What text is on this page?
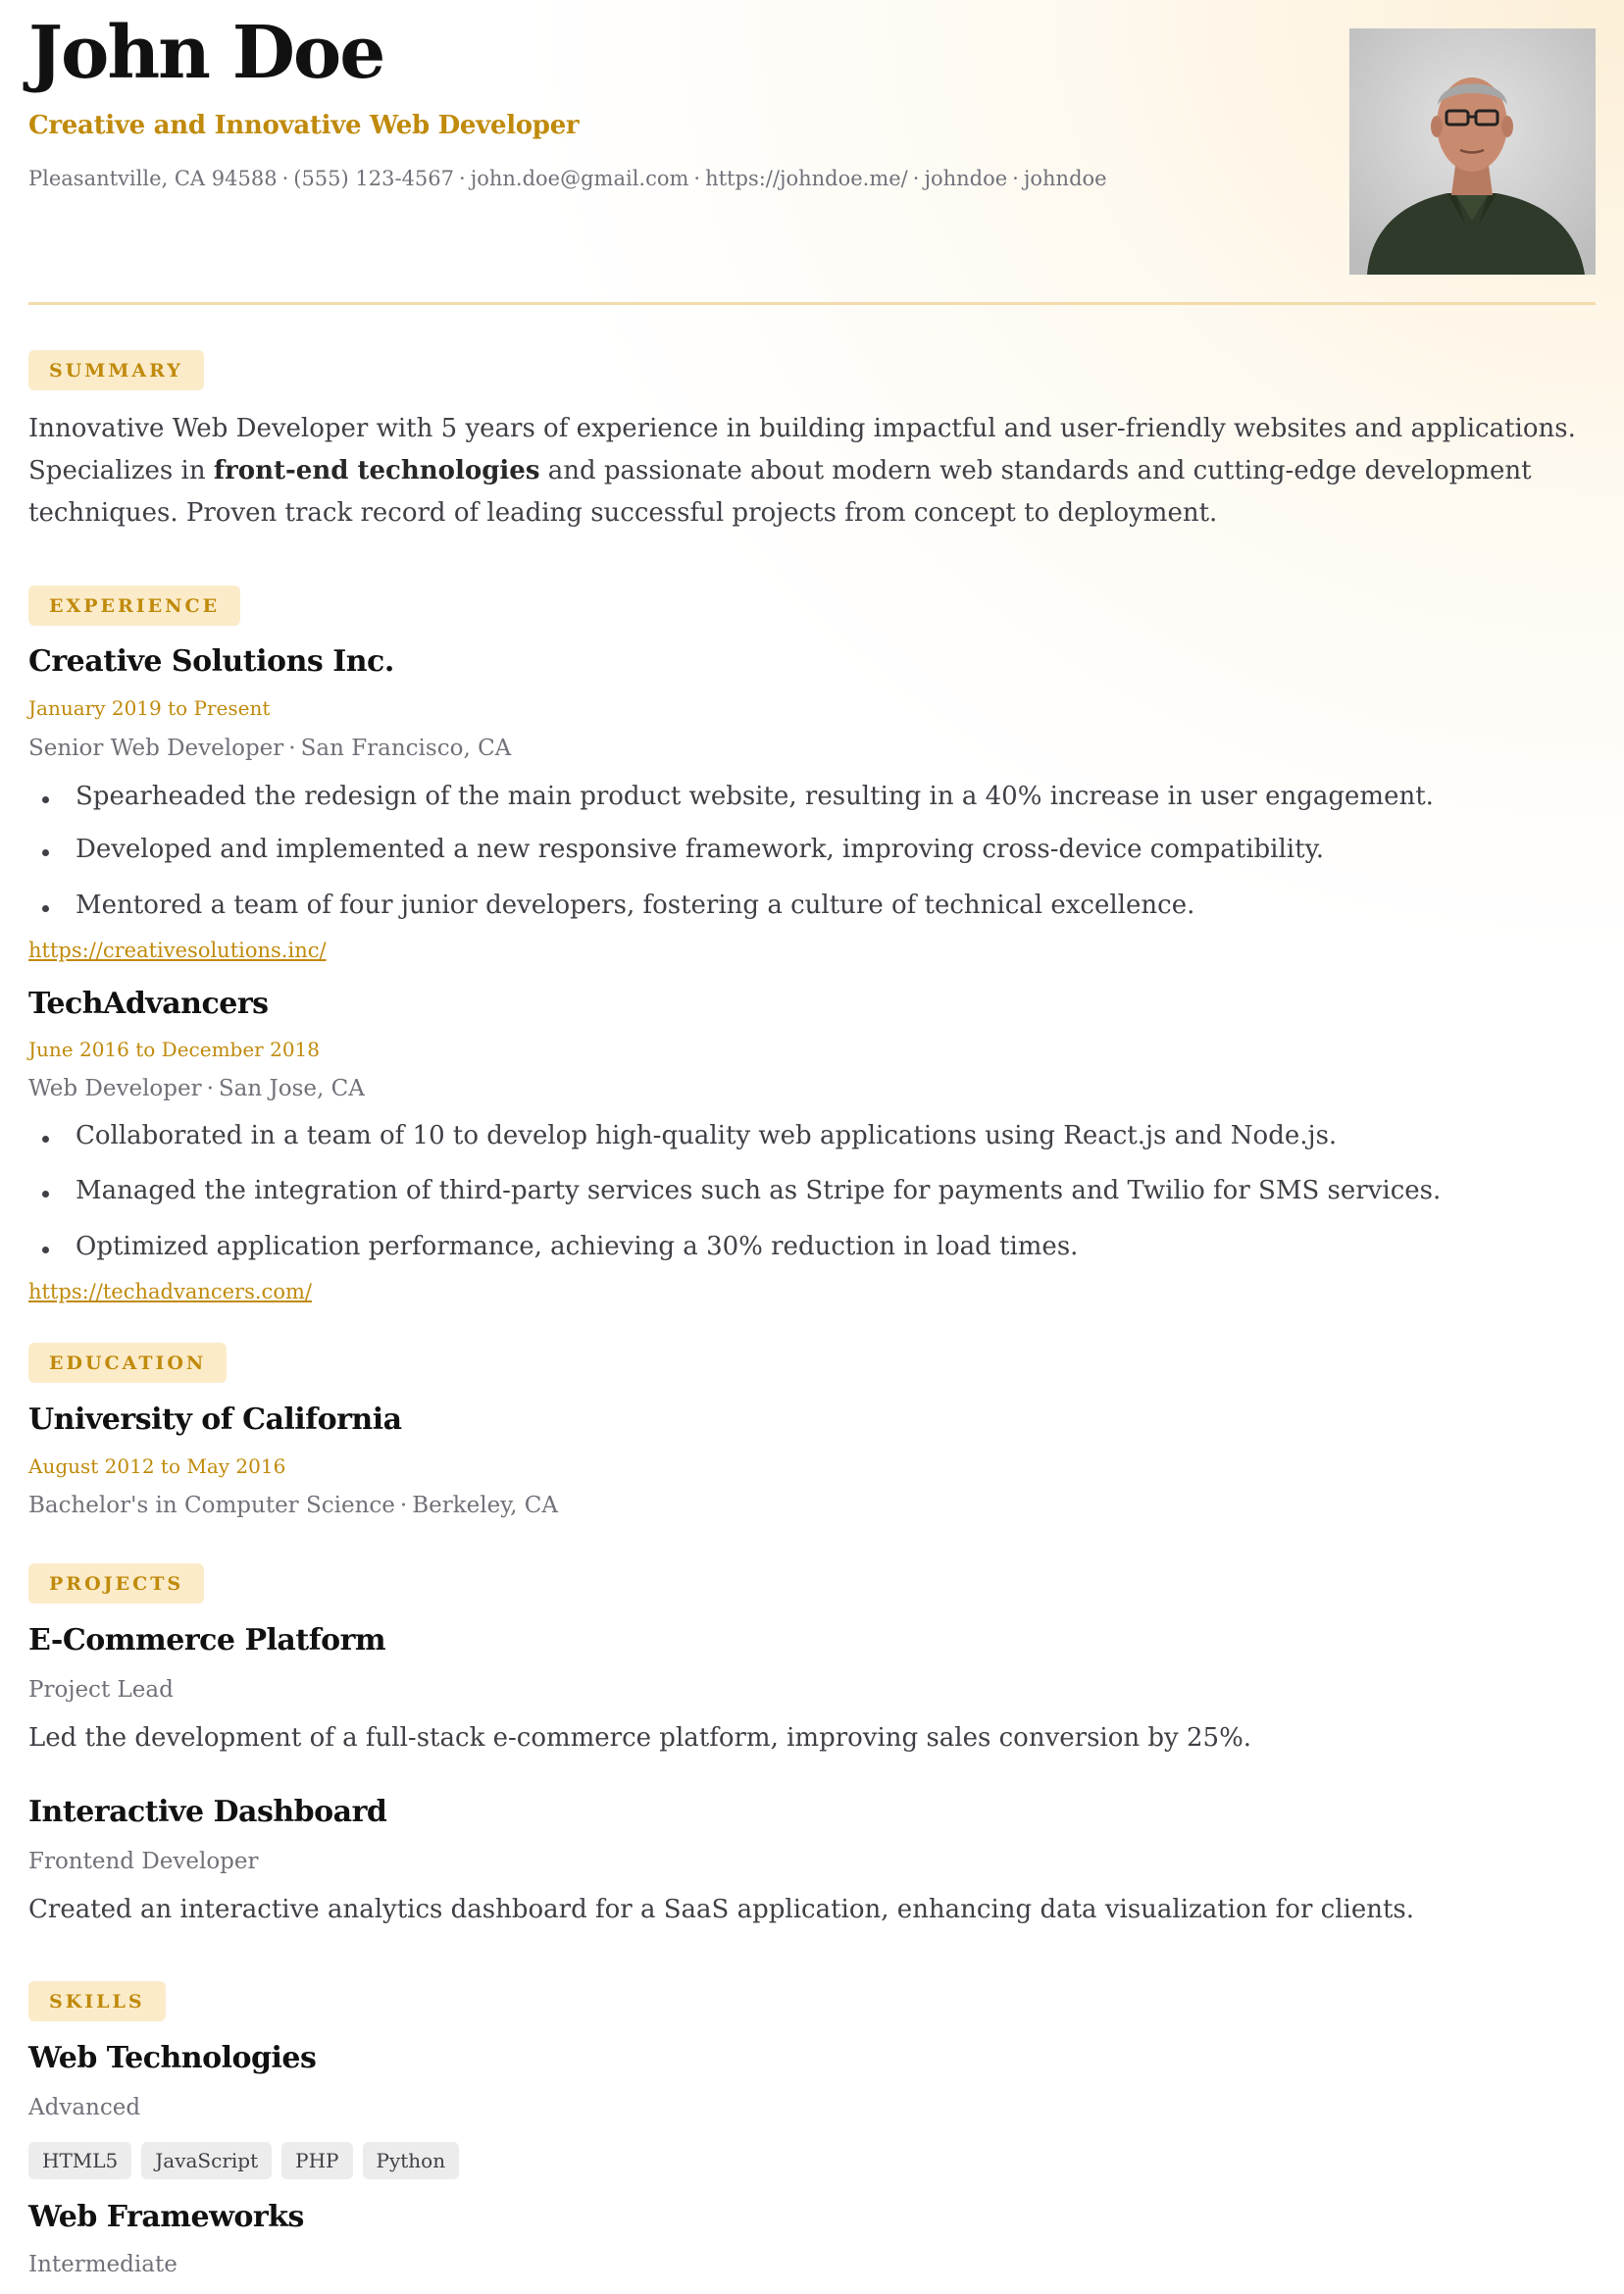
John Doe
Creative and Innovative Web Developer
Pleasantville, CA 94588 · (555) 123-4567 · john.doe@gmail.com · https://johndoe.me/ · johndoe · johndoe
SUMMARY
Innovative Web Developer with 5 years of experience in building impactful and user-friendly websites and applications. Specializes in front-end technologies and passionate about modern web standards and cutting-edge development techniques. Proven track record of leading successful projects from concept to deployment.
EXPERIENCE
Creative Solutions Inc.
January 2019 to Present
Senior Web Developer · San Francisco, CA
Spearheaded the redesign of the main product website, resulting in a 40% increase in user engagement.
Developed and implemented a new responsive framework, improving cross-device compatibility.
Mentored a team of four junior developers, fostering a culture of technical excellence.
https://creativesolutions.inc/
TechAdvancers
June 2016 to December 2018
Web Developer · San Jose, CA
Collaborated in a team of 10 to develop high-quality web applications using React.js and Node.js.
Managed the integration of third-party services such as Stripe for payments and Twilio for SMS services.
Optimized application performance, achieving a 30% reduction in load times.
https://techadvancers.com/
EDUCATION
University of California
August 2012 to May 2016
Bachelor's in Computer Science · Berkeley, CA
PROJECTS
E-Commerce Platform
Project Lead
Led the development of a full-stack e-commerce platform, improving sales conversion by 25%.
Interactive Dashboard
Frontend Developer
Created an interactive analytics dashboard for a SaaS application, enhancing data visualization for clients.
SKILLS
Web Technologies
Advanced
HTML5	JavaScript	PHP	Python
Web Frameworks
Intermediate
